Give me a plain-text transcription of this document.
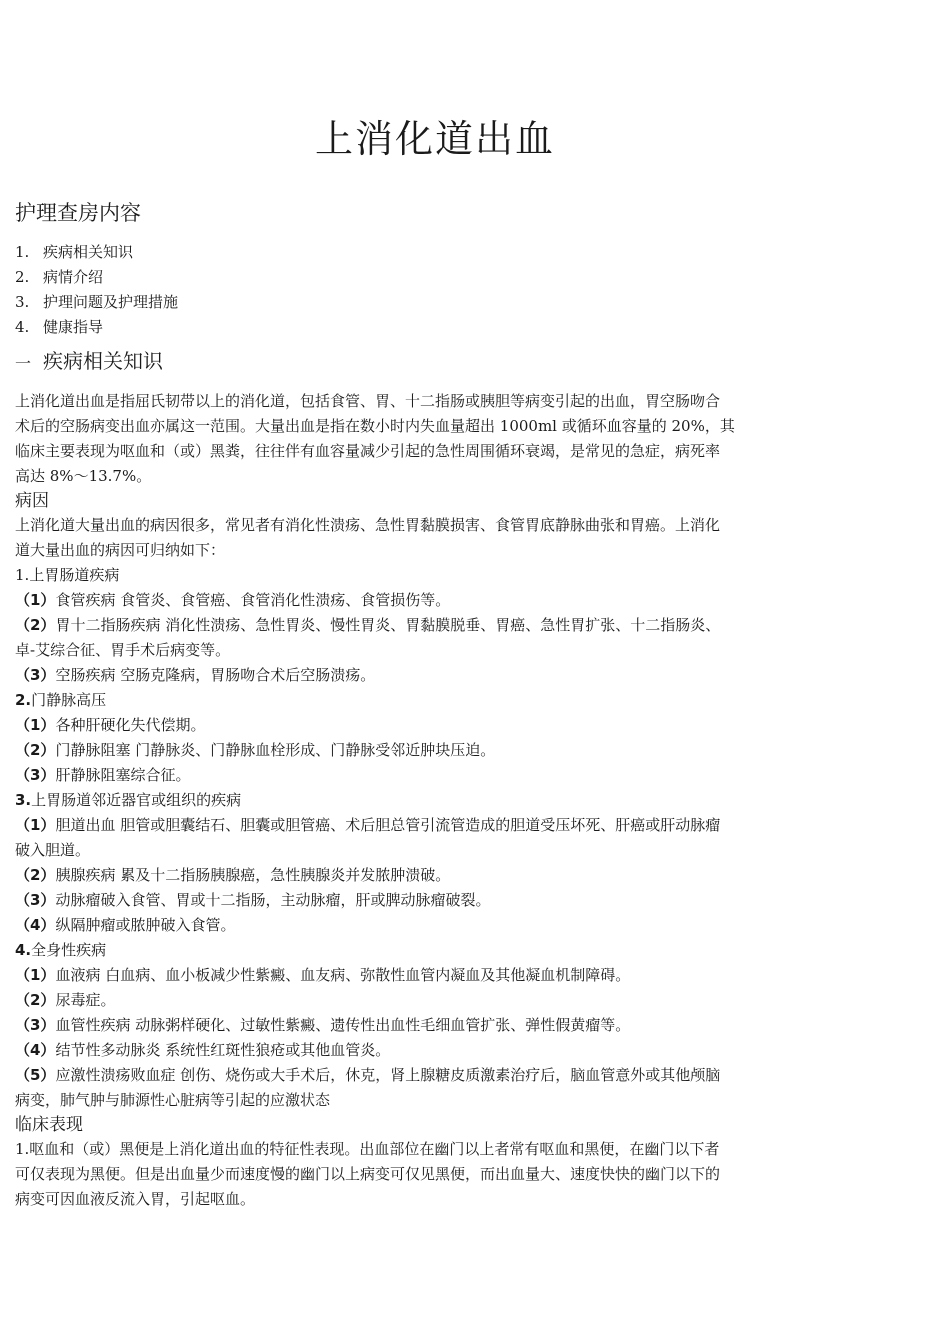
上消化道出血
护理查房内容
1. 疾病相关知识
2. 病情介绍
3. 护理问题及护理措施
4. 健康指导
一 疾病相关知识

上消化道出血是指屈氏韧带以上的消化道，包括食管、胃、十二指肠或胰胆等病变引起的出血，胃空肠吻合

术后的空肠病变出血亦属这一范围。大量出血是指在数小时内失血量超出 1000ml 或循环血容量的 20%，其

临床主要表现为呕血和（或）黑粪，往往伴有血容量减少引起的急性周围循环衰竭，是常见的急症，病死率

高达 8%～13.7%。

病因

上消化道大量出血的病因很多，常见者有消化性溃疡、急性胃黏膜损害、食管胃底静脉曲张和胃癌。上消化

道大量出血的病因可归纳如下：

1.上胃肠道疾病

（1）食管疾病 食管炎、食管癌、食管消化性溃疡、食管损伤等。

（2）胃十二指肠疾病 消化性溃疡、急性胃炎、慢性胃炎、胃黏膜脱垂、胃癌、急性胃扩张、十二指肠炎、

卓-艾综合征、胃手术后病变等。

（3）空肠疾病 空肠克隆病，胃肠吻合术后空肠溃疡。

2.门静脉高压

（1）各种肝硬化失代偿期。

（2）门静脉阻塞 门静脉炎、门静脉血栓形成、门静脉受邻近肿块压迫。

（3）肝静脉阻塞综合征。

3.上胃肠道邻近器官或组织的疾病

（1）胆道出血 胆管或胆囊结石、胆囊或胆管癌、术后胆总管引流管造成的胆道受压坏死、肝癌或肝动脉瘤

破入胆道。

（2）胰腺疾病 累及十二指肠胰腺癌，急性胰腺炎并发脓肿溃破。

（3）动脉瘤破入食管、胃或十二指肠，主动脉瘤，肝或脾动脉瘤破裂。

（4）纵隔肿瘤或脓肿破入食管。

4.全身性疾病

（1）血液病 白血病、血小板减少性紫癜、血友病、弥散性血管内凝血及其他凝血机制障碍。

（2）尿毒症。

（3）血管性疾病 动脉粥样硬化、过敏性紫癜、遗传性出血性毛细血管扩张、弹性假黄瘤等。

（4）结节性多动脉炎 系统性红斑性狼疮或其他血管炎。

（5）应激性溃疡败血症 创伤、烧伤或大手术后，休克，肾上腺糖皮质激素治疗后，脑血管意外或其他颅脑

病变，肺气肿与肺源性心脏病等引起的应激状态

临床表现

1.呕血和（或）黑便是上消化道出血的特征性表现。出血部位在幽门以上者常有呕血和黑便，在幽门以下者

可仅表现为黑便。但是出血量少而速度慢的幽门以上病变可仅见黑便，而出血量大、速度快快的幽门以下的

病变可因血液反流入胃，引起呕血。
